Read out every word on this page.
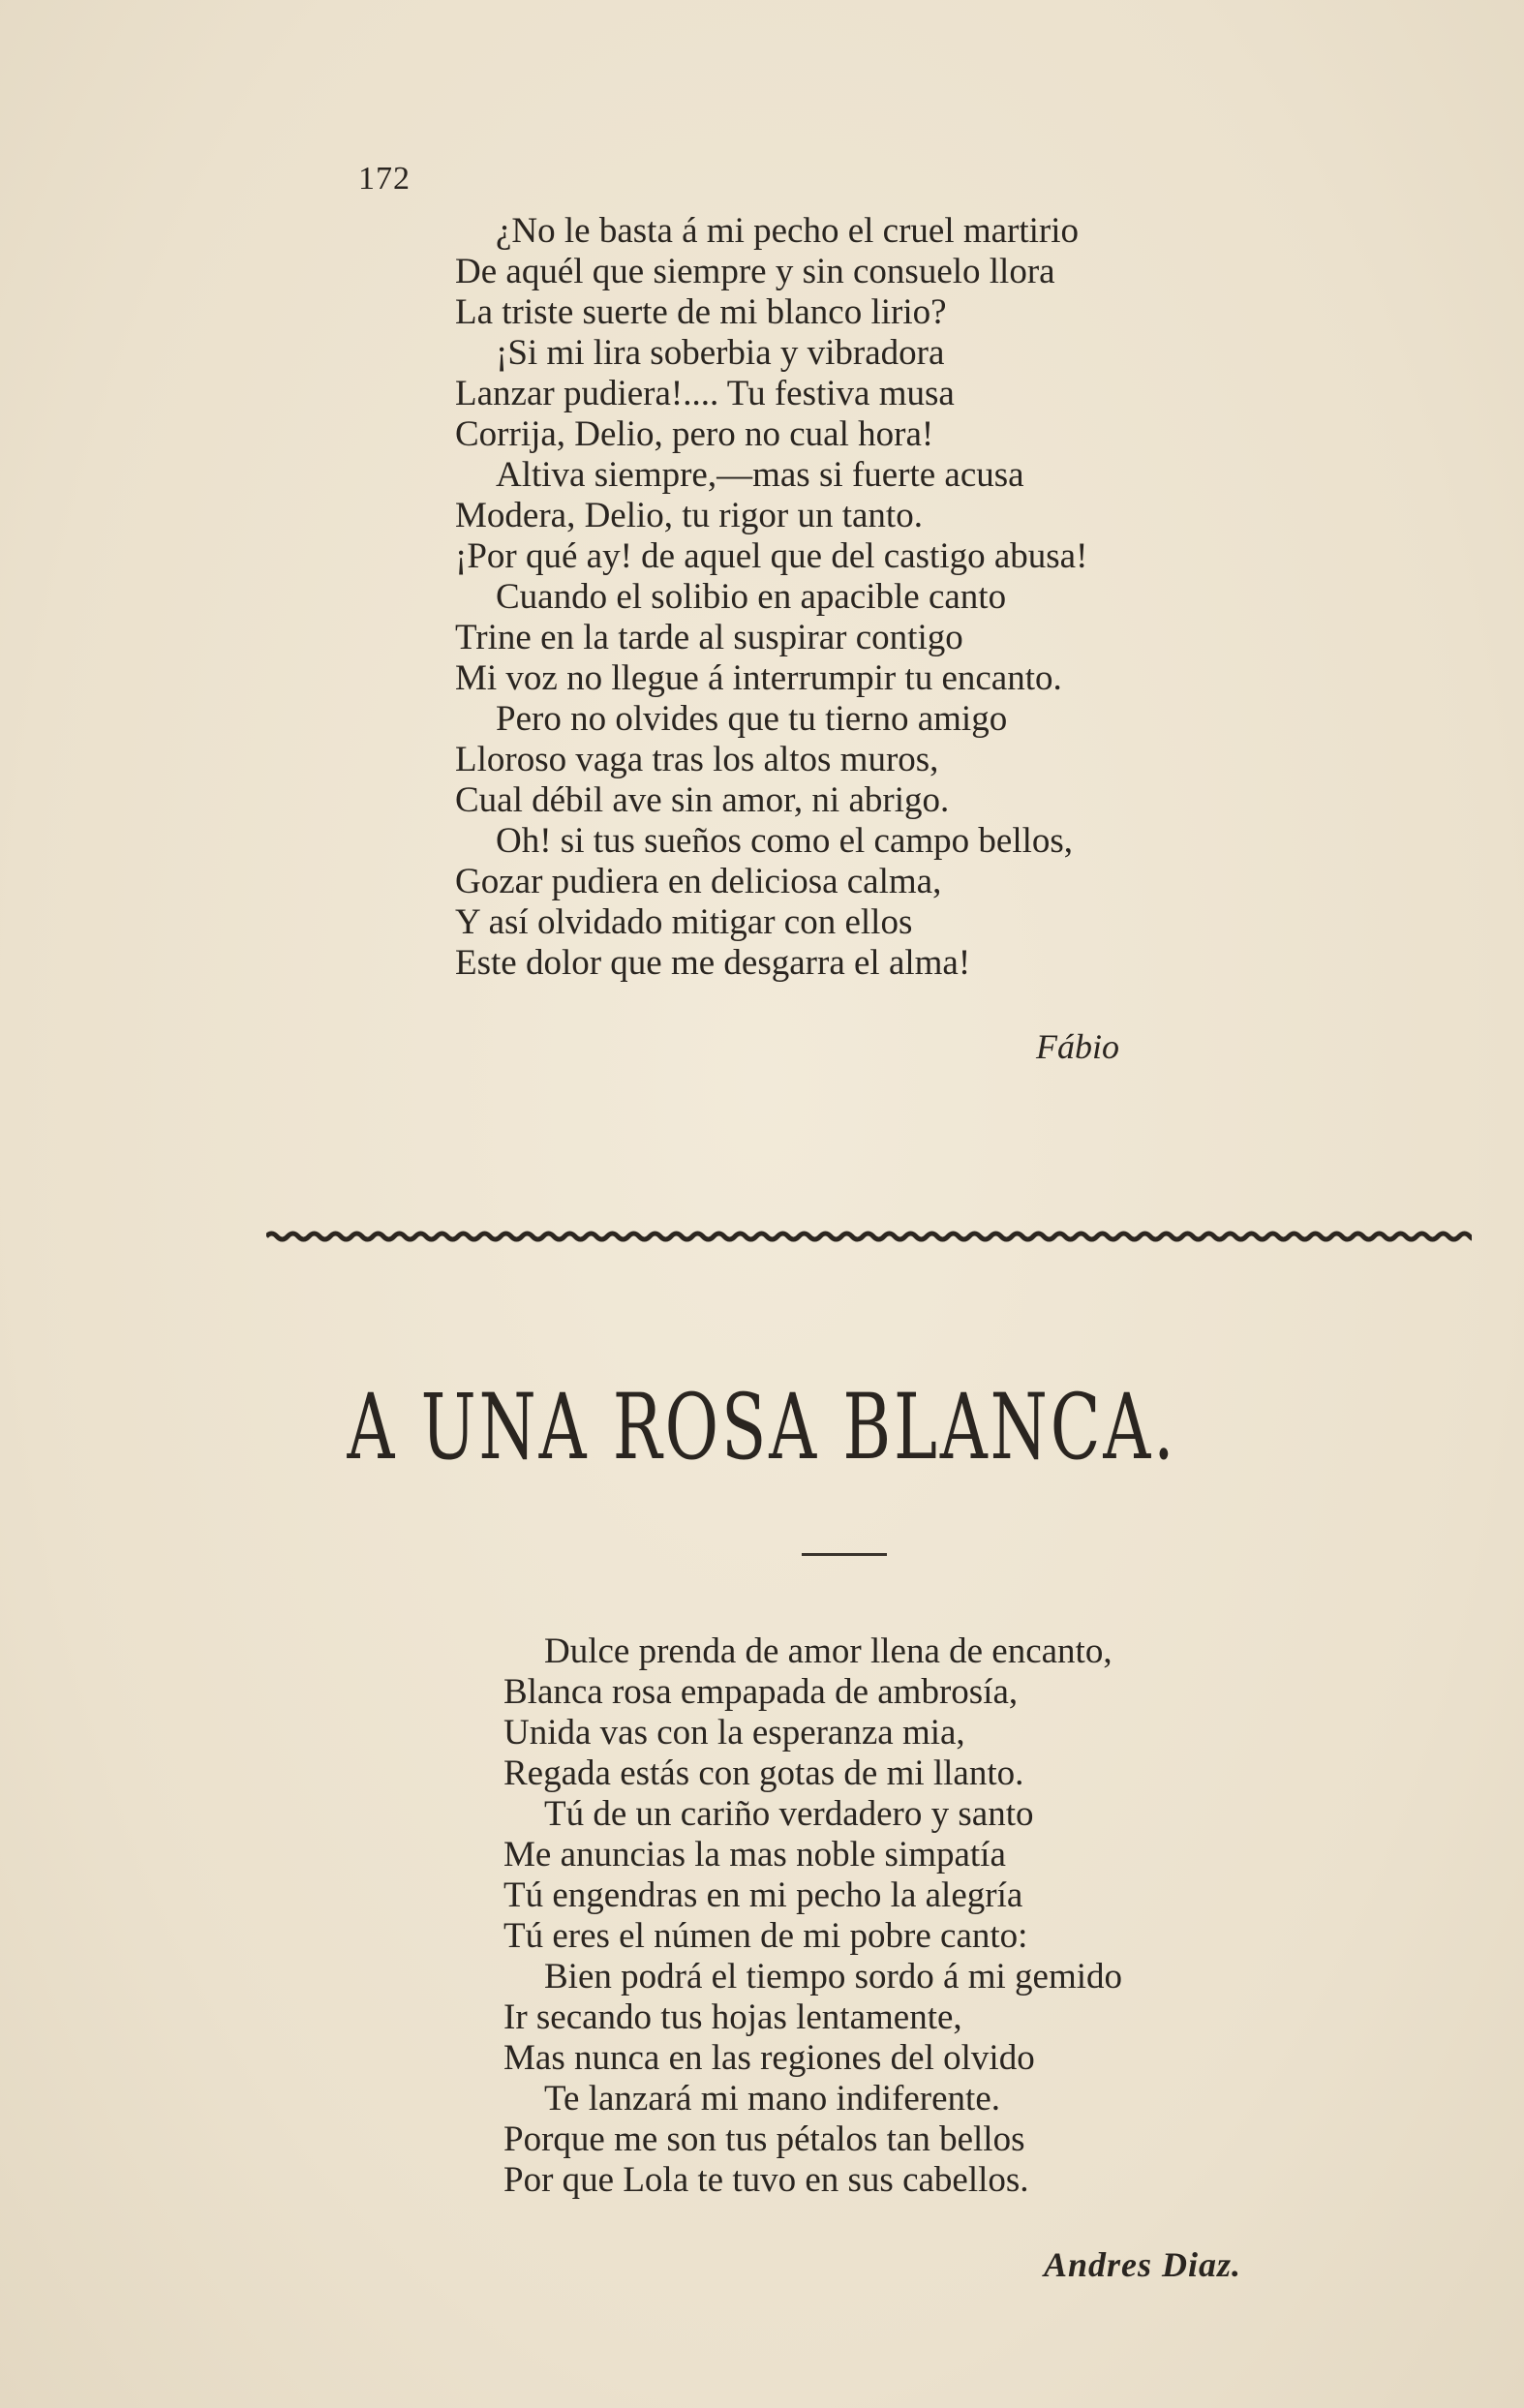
172
¿No le basta á mi pecho el cruel martirio
De aquél que siempre y sin consuelo llora
La triste suerte de mi blanco lirio?
¡Si mi lira soberbia y vibradora
Lanzar pudiera!.... Tu festiva musa
Corrija, Delio, pero no cual hora!
Altiva siempre,—mas si fuerte acusa
Modera, Delio, tu rigor un tanto.
¡Por qué ay! de aquel que del castigo abusa!
Cuando el solibio en apacible canto
Trine en la tarde al suspirar contigo
Mi voz no llegue á interrumpir tu encanto.
Pero no olvides que tu tierno amigo
Lloroso vaga tras los altos muros,
Cual débil ave sin amor, ni abrigo.
Oh! si tus sueños como el campo bellos,
Gozar pudiera en deliciosa calma,
Y así olvidado mitigar con ellos
Este dolor que me desgarra el alma!
Fábio
A UNA ROSA BLANCA.
Dulce prenda de amor llena de encanto,
Blanca rosa empapada de ambrosía,
Unida vas con la esperanza mia,
Regada estás con gotas de mi llanto.
Tú de un cariño verdadero y santo
Me anuncias la mas noble simpatía
Tú engendras en mi pecho la alegría
Tú eres el númen de mi pobre canto:
Bien podrá el tiempo sordo á mi gemido
Ir secando tus hojas lentamente,
Mas nunca en las regiones del olvido
Te lanzará mi mano indiferente.
Porque me son tus pétalos tan bellos
Por que Lola te tuvo en sus cabellos.
Andres Diaz.
